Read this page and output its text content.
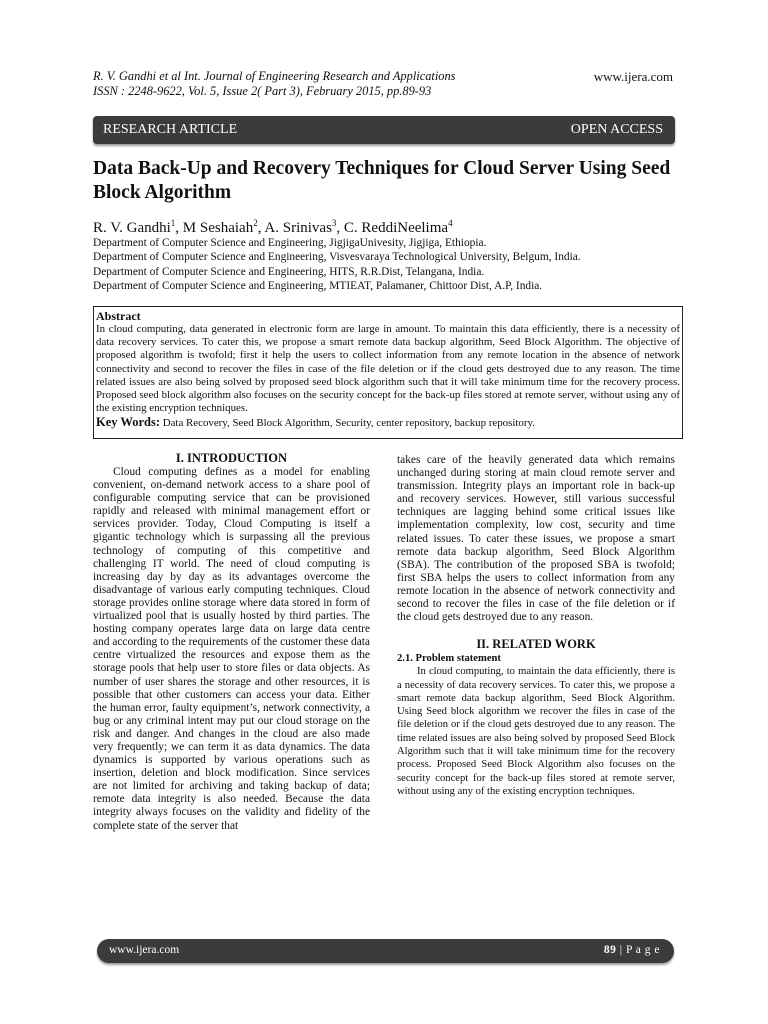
R. V. Gandhi et al Int. Journal of Engineering Research and Applications
ISSN : 2248-9622, Vol. 5, Issue 2( Part 3), February 2015, pp.89-93
www.ijera.com
RESEARCH ARTICLE	OPEN ACCESS
Data Back-Up and Recovery Techniques for Cloud Server Using Seed Block Algorithm
R. V. Gandhi$^1$, M Seshaiah$^2$, A. Srinivas$^3$, C. ReddiNeelima$^4$
Department of Computer Science and Engineering, JigjigaUnivesity, Jigjiga, Ethiopia.
Department of Computer Science and Engineering, Visvesvaraya Technological University, Belgum, India.
Department of Computer Science and Engineering, HITS, R.R.Dist, Telangana, India.
Department of Computer Science and Engineering, MTIEAT, Palamaner, Chittoor Dist, A.P, India.
Abstract
In cloud computing, data generated in electronic form are large in amount. To maintain this data efficiently, there is a necessity of data recovery services. To cater this, we propose a smart remote data backup algorithm, Seed Block Algorithm. The objective of proposed algorithm is twofold; first it help the users to collect information from any remote location in the absence of network connectivity and second to recover the files in case of the file deletion or if the cloud gets destroyed due to any reason. The time related issues are also being solved by proposed seed block algorithm such that it will take minimum time for the recovery process. Proposed seed block algorithm also focuses on the security concept for the back-up files stored at remote server, without using any of the existing encryption techniques.
Key Words: Data Recovery, Seed Block Algorithm, Security, center repository, backup repository.
I. INTRODUCTION

Cloud computing defines as a model for enabling convenient, on-demand network access to a share pool of configurable computing service that can be provisioned rapidly and released with minimal management effort or services provider. Today, Cloud Computing is itself a gigantic technology which is surpassing all the previous technology of computing of this competitive and challenging IT world. The need of cloud computing is increasing day by day as its advantages overcome the disadvantage of various early computing techniques. Cloud storage provides online storage where data stored in form of virtualized pool that is usually hosted by third parties. The hosting company operates large data on large data centre and according to the requirements of the customer these data centre virtualized the resources and expose them as the storage pools that help user to store files or data objects. As number of user shares the storage and other resources, it is possible that other customers can access your data. Either the human error, faulty equipment’s, network connectivity, a bug or any criminal intent may put our cloud storage on the risk and danger. And changes in the cloud are also made very frequently; we can term it as data dynamics. The data dynamics is supported by various operations such as insertion, deletion and block modification. Since services are not limited for archiving and taking backup of data; remote data integrity is also needed. Because the data integrity always focuses on the validity and fidelity of the complete state of the server that

takes care of the heavily generated data which remains unchanged during storing at main cloud remote server and transmission. Integrity plays an important role in back-up and recovery services. However, still various successful techniques are lagging behind some critical issues like implementation complexity, low cost, security and time related issues. To cater these issues, we propose a smart remote data backup algorithm, Seed Block Algorithm (SBA). The contribution of the proposed SBA is twofold; first SBA helps the users to collect information from any remote location in the absence of network connectivity and second to recover the files in case of the file deletion or if the cloud gets destroyed due to any reason.

II. RELATED WORK
2.1. Problem statement

In cloud computing, to maintain the data efficiently, there is a necessity of data recovery services. To cater this, we propose a smart remote data backup algorithm, Seed Block Algorithm. Using Seed block algorithm we recover the files in case of the file deletion or if the cloud gets destroyed due to any reason. The time related issues are also being solved by proposed Seed Block Algorithm such that it will take minimum time for the recovery process. Proposed Seed Block Algorithm also focuses on the security concept for the back-up files stored at remote server, without using any of the existing encryption techniques.

www.ijera.com	89 | P a g e
